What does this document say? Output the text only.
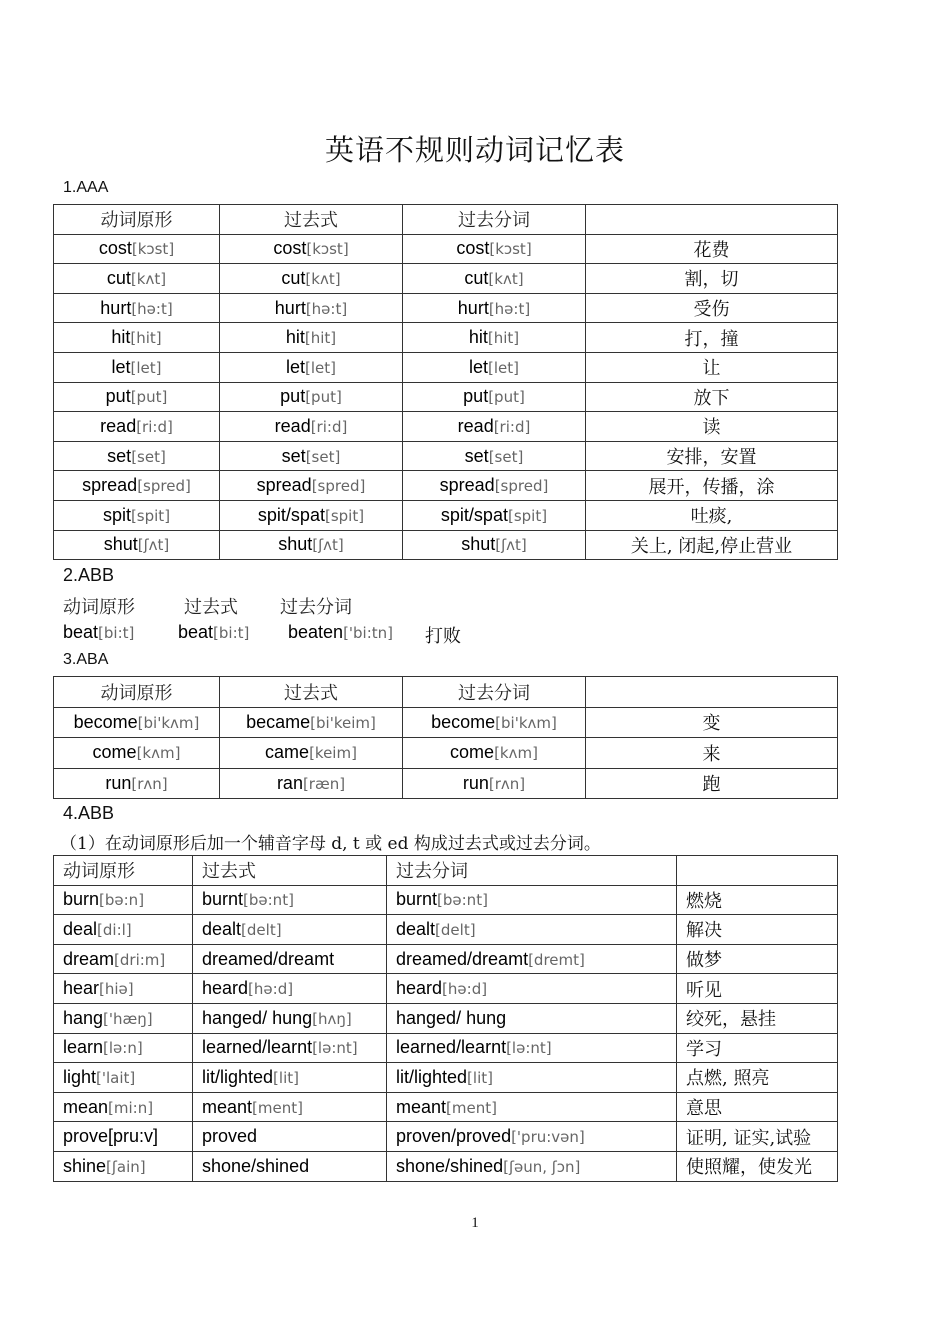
英语不规则动词记忆表
1.AAA
动词原形	过去式	过去分词	
cost[kɔst]	cost[kɔst]	cost[kɔst]	花费
cut[kʌt]	cut[kʌt]	cut[kʌt]	割，切
hurt[hə:t]	hurt[hə:t]	hurt[hə:t]	受伤
hit[hit]	hit[hit]	hit[hit]	打，撞
let[let]	let[let]	let[let]	让
put[put]	put[put]	put[put]	放下
read[ri:d]	read[ri:d]	read[ri:d]	读
set[set]	set[set]	set[set]	安排，安置
spread[spred]	spread[spred]	spread[spred]	展开，传播，涂
spit[spit]	spit/spat[spit]	spit/spat[spit]	吐痰,
shut[ʃʌt]	shut[ʃʌt]	shut[ʃʌt]	关上, 闭起,停止营业
2.ABB
动词原形	过去式 过去分词
beat[bi:t] beat[bi:t] beaten['bi:tn] 打败
3.ABA
动词原形	过去式	过去分词	
become[bi'kʌm]	became[bi'keim]	become[bi'kʌm]	变
come[kʌm]	came[keim]	come[kʌm]	来
run[rʌn]	ran[ræn]	run[rʌn]	跑
4.ABB
（1）在动词原形后加一个辅音字母 d, t 或 ed 构成过去式或过去分词。
动词原形	过去式	过去分词	
burn[bə:n]	burnt[bə:nt]	burnt[bə:nt]	燃烧
deal[di:l]	dealt[delt]	dealt[delt]	解决
dream[dri:m]	dreamed/dreamt	dreamed/dreamt[dremt]	做梦
hear[hiə]	heard[hə:d]	heard[hə:d]	听见
hang['hæŋ]	hanged/ hung[hʌŋ]	hanged/ hung	绞死，悬挂
learn[lə:n]	learned/learnt[lə:nt]	learned/learnt[lə:nt]	学习
light['lait]	lit/lighted[lit]	lit/lighted[lit]	点燃, 照亮
mean[mi:n]	meant[ment]	meant[ment]	意思
prove[pru:v]	proved	proven/proved['pru:vən]	证明, 证实,试验
shine[ʃain]	shone/shined	shone/shined[ʃəun, ʃɔn]	使照耀，使发光
1
